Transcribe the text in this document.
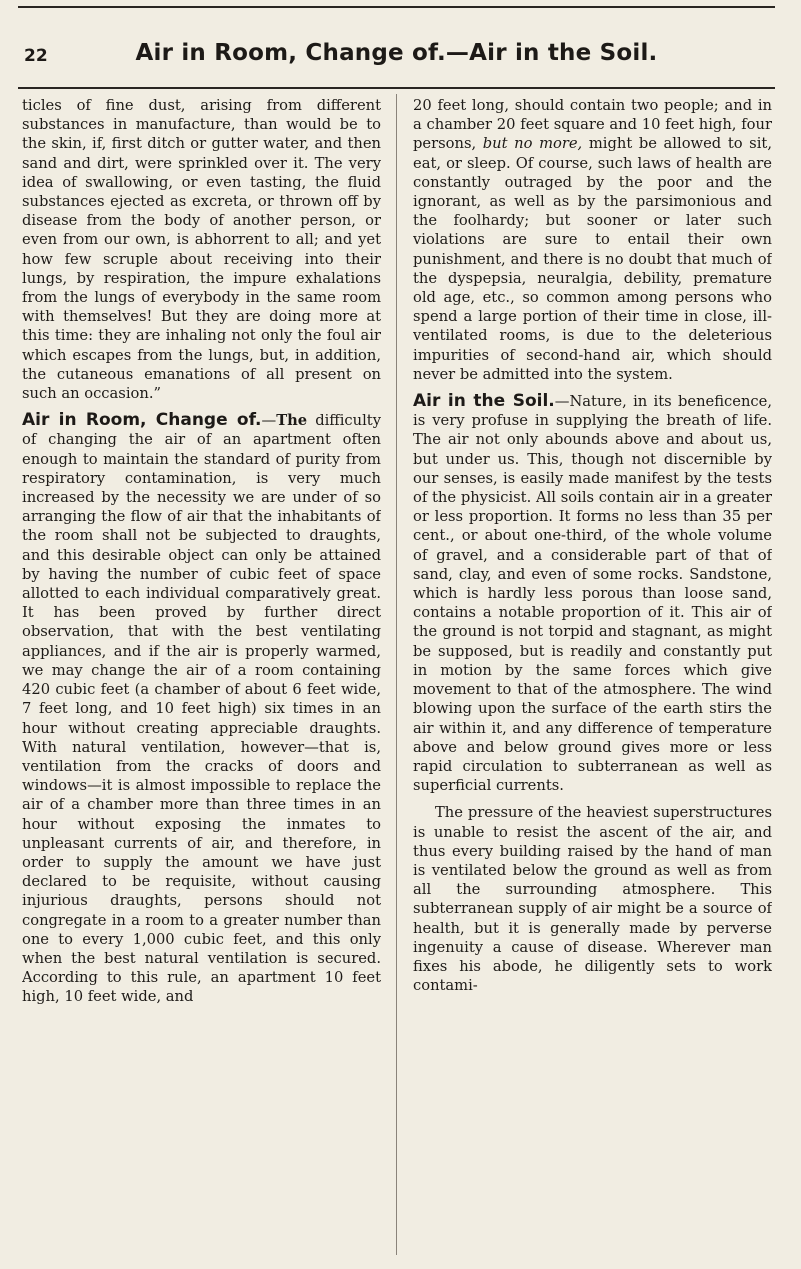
22	Air in Room, Change of.—Air in the Soil.

ticles of fine dust, arising from different substances in manufacture, than would be to the skin, if, first ditch or gutter water, and then sand and dirt, were sprinkled over it. The very idea of swallowing, or even tasting, the fluid substances ejected as excreta, or thrown off by disease from the body of another person, or even from our own, is abhorrent to all; and yet how few scruple about receiving into their lungs, by respiration, the impure exhalations from the lungs of everybody in the same room with themselves! But they are doing more at this time: they are inhaling not only the foul air which escapes from the lungs, but, in addition, the cutaneous emanations of all present on such an occasion.”

Air in Room, Change of.—The difficulty of changing the air of an apartment often enough to maintain the standard of purity from respiratory contamination, is very much increased by the necessity we are under of so arranging the flow of air that the inhabitants of the room shall not be subjected to draughts, and this desirable object can only be attained by having the number of cubic feet of space allotted to each individual comparatively great. It has been proved by further direct observation, that with the best ventilating appliances, and if the air is properly warmed, we may change the air of a room containing 420 cubic feet (a chamber of about 6 feet wide, 7 feet long, and 10 feet high) six times in an hour without creating appreciable draughts. With natural ventilation, however—that is, ventilation from the cracks of doors and windows—it is almost impossible to replace the air of a chamber more than three times in an hour without exposing the inmates to unpleasant currents of air, and therefore, in order to supply the amount we have just declared to be requisite, without causing injurious draughts, persons should not congregate in a room to a greater number than one to every 1,000 cubic feet, and this only when the best natural ventilation is secured. According to this rule, an apartment 10 feet high, 10 feet wide, and

20 feet long, should contain two people; and in a chamber 20 feet square and 10 feet high, four persons, but no more, might be allowed to sit, eat, or sleep. Of course, such laws of health are constantly outraged by the poor and the ignorant, as well as by the parsimonious and the foolhardy; but sooner or later such violations are sure to entail their own punishment, and there is no doubt that much of the dyspepsia, neuralgia, debility, premature old age, etc., so common among persons who spend a large portion of their time in close, ill-ventilated rooms, is due to the deleterious impurities of second-hand air, which should never be admitted into the system.

Air in the Soil.—Nature, in its beneficence, is very profuse in supplying the breath of life. The air not only abounds above and about us, but under us. This, though not discernible by our senses, is easily made manifest by the tests of the physicist. All soils contain air in a greater or less proportion. It forms no less than 35 per cent., or about one-third, of the whole volume of gravel, and a considerable part of that of sand, clay, and even of some rocks. Sandstone, which is hardly less porous than loose sand, contains a notable proportion of it. This air of the ground is not torpid and stagnant, as might be supposed, but is readily and constantly put in motion by the same forces which give movement to that of the atmosphere. The wind blowing upon the surface of the earth stirs the air within it, and any difference of temperature above and below ground gives more or less rapid circulation to subterranean as well as superficial currents.

The pressure of the heaviest superstructures is unable to resist the ascent of the air, and thus every building raised by the hand of man is ventilated below the ground as well as from all the surrounding atmosphere. This subterranean supply of air might be a source of health, but it is generally made by perverse ingenuity a cause of disease. Wherever man fixes his abode, he diligently sets to work contami-
